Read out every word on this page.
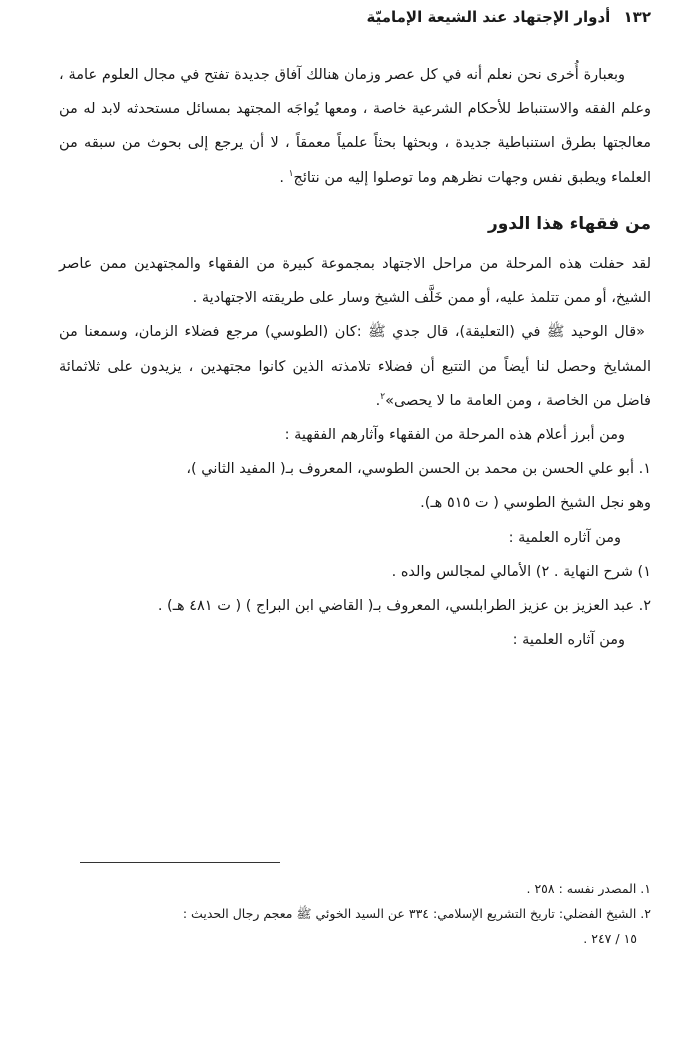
١٣٢ أدوار الإجتهاد عند الشيعة الإماميّة

وبعبارة أُخرى نحن نعلم أنه في كل عصر وزمان هنالك آفاق جديدة تفتح في مجال العلوم عامة ، وعلم الفقه والاستنباط للأحكام الشرعية خاصة ، ومعها يُواجَه المجتهد بمسائل مستحدثه لابد له من معالجتها بطرق استنباطية جديدة ، وبحثها بحثاً علمياً معمقاً ، لا أن يرجع إلى بحوث من سبقه من العلماء ويطبق نفس وجهات نظرهم وما توصلوا إليه من نتائج$^١$ .

من فقهاء هذا الدور

لقد حفلت هذه المرحلة من مراحل الاجتهاد بمجموعة كبيرة من الفقهاء والمجتهدين ممن عاصر الشيخ، أو ممن تتلمذ عليه، أو ممن خَلَّف الشيخ وسار على طريقته الاجتهادية .

«قال الوحيد ﷺ في (التعليقة)، قال جدي ﷺ :كان (الطوسي) مرجع فضلاء الزمان، وسمعنا من المشايخ وحصل لنا أيضاً من التتبع أن فضلاء تلامذته الذين كانوا مجتهدين ، يزيدون على ثلاثمائة فاضل من الخاصة ، ومن العامة ما لا يحصى»$^٢$.

ومن أبرز أعلام هذه المرحلة من الفقهاء وآثارهم الفقهية :

١. أبو علي الحسن بن محمد بن الحسن الطوسي، المعروف بـ( المفيد الثاني )،

وهو نجل الشيخ الطوسي ( ت ٥١٥ هـ).

ومن آثاره العلمية :

١) شرح النهاية . ٢) الأمالي لمجالس والده .

٢. عبد العزيز بن عزيز الطرابلسي، المعروف بـ( القاضي ابن البراج ) ( ت ٤٨١ هـ) .

ومن آثاره العلمية :

١. المصدر نفسه : ٢٥٨ .

٢. الشيخ الفضلي: تاريخ التشريع الإسلامي: ٣٣٤ عن السيد الخوئي ﷺ معجم رجال الحديث :

١٥ / ٢٤٧ .
